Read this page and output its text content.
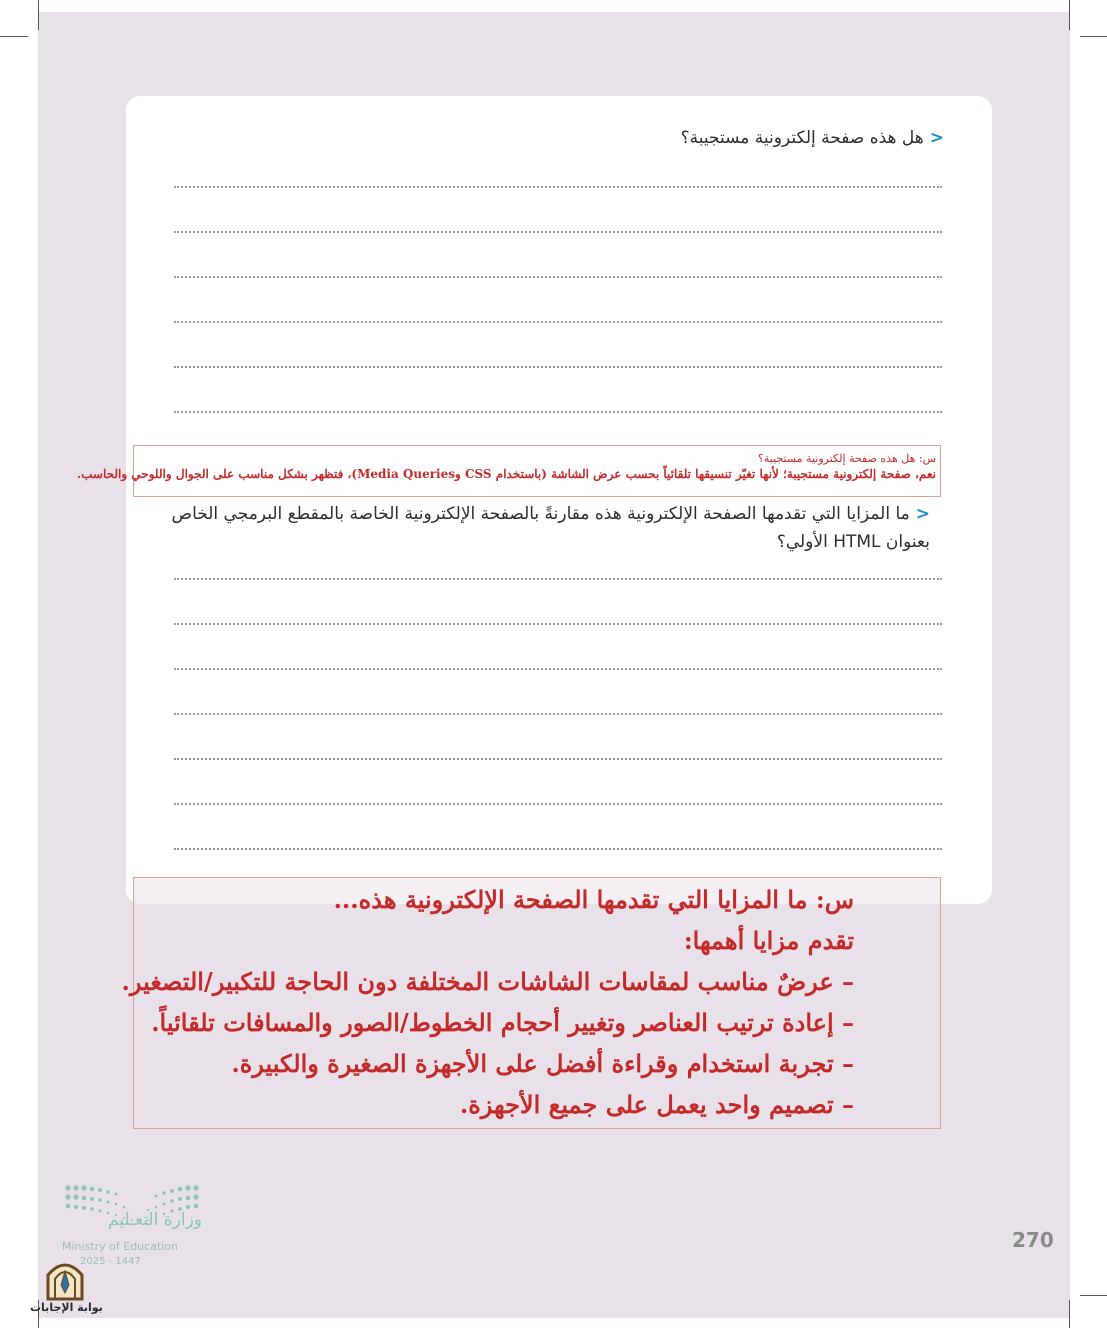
<هل هذه صفحة إلكترونية مستجيبة؟
<ما المزايا التي تقدمها الصفحة الإلكترونية هذه مقارنةً بالصفحة الإلكترونية الخاصة بالمقطع البرمجي الخاص
بعنوان HTML الأولي؟
س: هل هذه صفحة إلكترونية مستجيبة؟
نعم، صفحة إلكترونية مستجيبة؛ لأنها تغيّر تنسيقها تلقائياً بحسب عرض الشاشة (باستخدام CSS وMedia Queries)، فتظهر بشكل مناسب على الجوال واللوحي والحاسب.
س: ما المزايا التي تقدمها الصفحة الإلكترونية هذه...
تقدم مزايا أهمها:
– عرضٌ مناسب لمقاسات الشاشات المختلفة دون الحاجة للتكبير/التصغير.
– إعادة ترتيب العناصر وتغيير أحجام الخطوط/الصور والمسافات تلقائياً.
– تجربة استخدام وقراءة أفضل على الأجهزة الصغيرة والكبيرة.
– تصميم واحد يعمل على جميع الأجهزة.
وزارة التعـليم
Ministry of Education
2025 - 1447
بوابة الإجابات
270
